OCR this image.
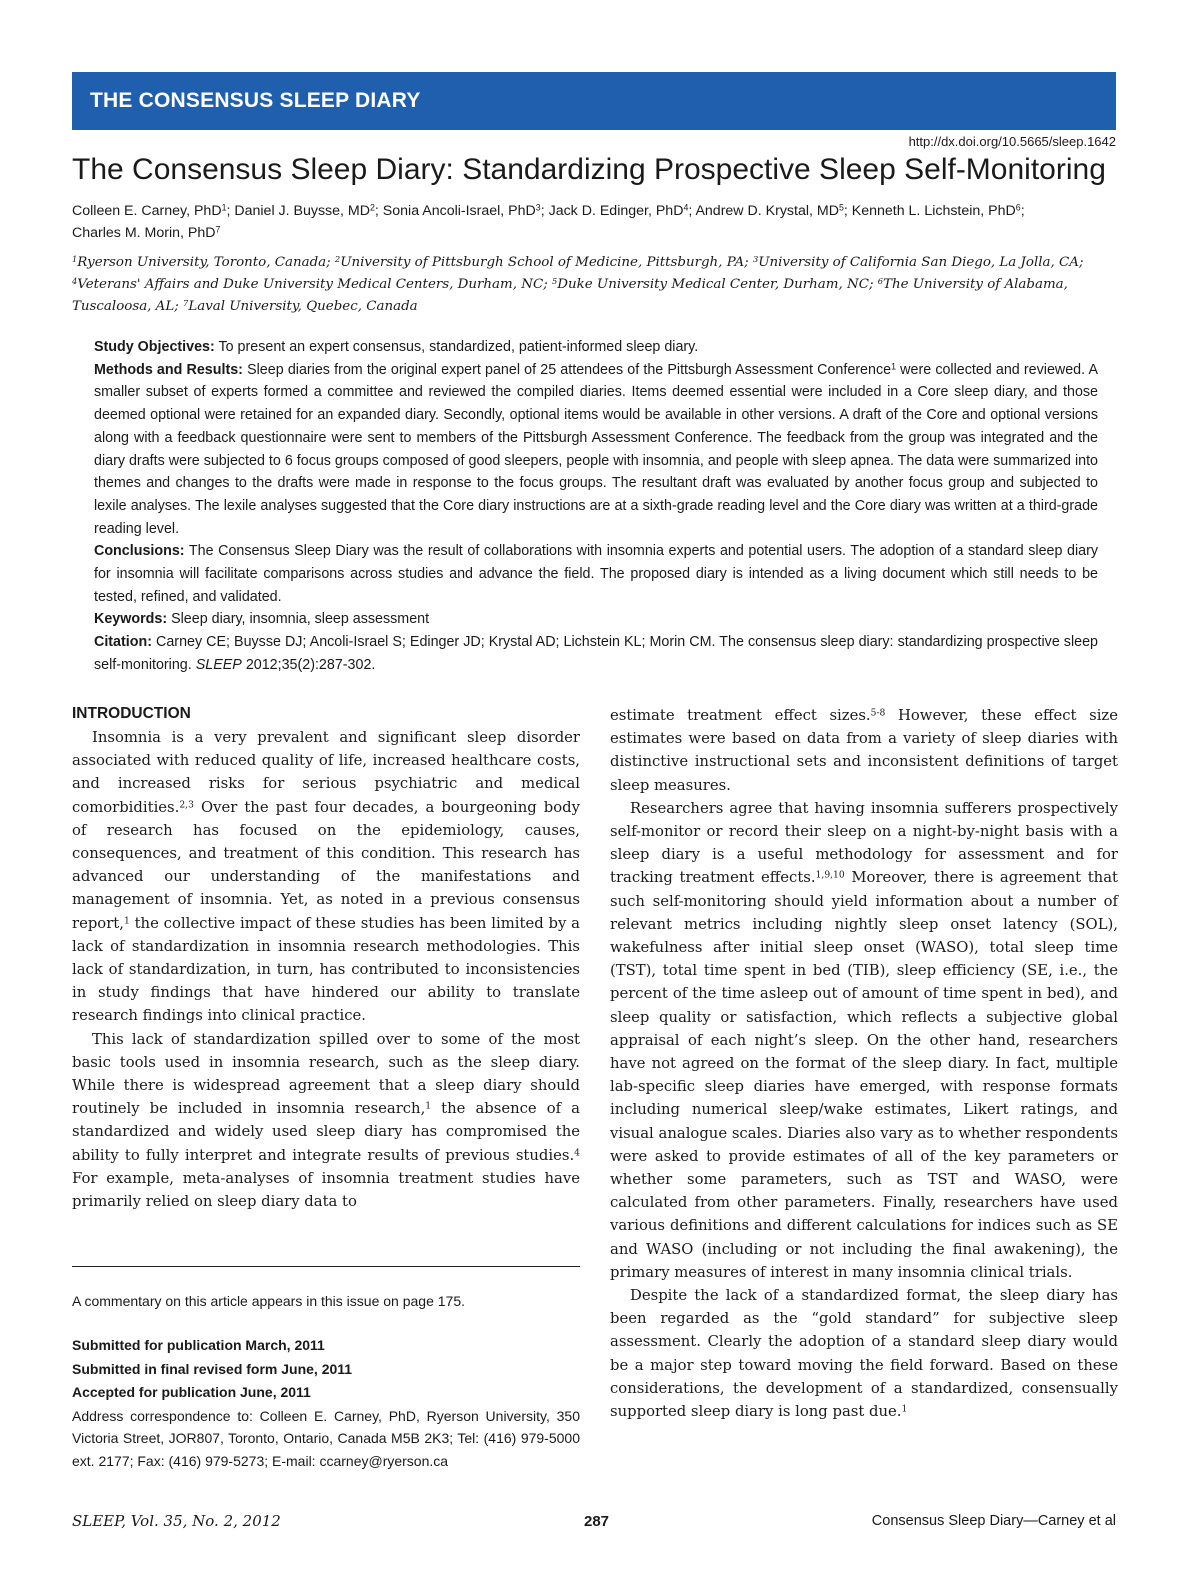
THE CONSENSUS SLEEP DIARY
http://dx.doi.org/10.5665/sleep.1642
The Consensus Sleep Diary: Standardizing Prospective Sleep Self-Monitoring
Colleen E. Carney, PhD$^1$; Daniel J. Buysse, $MD^2$; Sonia Ancoli-Israel, PhD$^3$; Jack D. Edinger, PhD$^4$; Andrew D. Krystal, $MD^5$; Kenneth L. Lichstein, PhD$^6$;
Charles M. Morin, PhD$^7$
$^1$Ryerson University, Toronto, Canada; $^2$University of Pittsburgh School of Medicine, Pittsburgh, PA; $^3$University of California San Diego, La Jolla, CA;
$^4$Veterans' Affairs and Duke University Medical Centers, Durham, NC; $^5$Duke University Medical Center, Durham, NC; $^6$The University of Alabama, Tuscaloosa, AL; $^7$Laval University, Quebec, Canada

Study Objectives: To present an expert consensus, standardized, patient-informed sleep diary.

Methods and Results: Sleep diaries from the original expert panel of 25 attendees of the Pittsburgh Assessment Conference$^1$ were collected and reviewed. A smaller subset of experts formed a committee and reviewed the compiled diaries. Items deemed essential were included in a Core sleep diary, and those deemed optional were retained for an expanded diary. Secondly, optional items would be available in other versions. A draft of the Core and optional versions along with a feedback questionnaire were sent to members of the Pittsburgh Assessment Conference. The feedback from the group was integrated and the diary drafts were subjected to 6 focus groups composed of good sleepers, people with insomnia, and people with sleep apnea. The data were summarized into themes and changes to the drafts were made in response to the focus groups. The resultant draft was evaluated by another focus group and subjected to lexile analyses. The lexile analyses suggested that the Core diary instructions are at a sixth-grade reading level and the Core diary was written at a third-grade reading level.

Conclusions: The Consensus Sleep Diary was the result of collaborations with insomnia experts and potential users. The adoption of a standard sleep diary for insomnia will facilitate comparisons across studies and advance the field. The proposed diary is intended as a living document which still needs to be tested, refined, and validated.

Keywords: Sleep diary, insomnia, sleep assessment

Citation: Carney CE; Buysse DJ; Ancoli-Israel S; Edinger JD; Krystal AD; Lichstein KL; Morin CM. The consensus sleep diary: standardizing prospective sleep self-monitoring. SLEEP 2012;35(2):287-302.

INTRODUCTION

Insomnia is a very prevalent and significant sleep disorder associated with reduced quality of life, increased healthcare costs, and increased risks for serious psychiatric and medical comorbidities.$^{2,3}$ Over the past four decades, a bourgeoning body of research has focused on the epidemiology, causes, consequences, and treatment of this condition. This research has advanced our understanding of the manifestations and management of insomnia. Yet, as noted in a previous consensus report,$^1$ the collective impact of these studies has been limited by a lack of standardization in insomnia research methodologies. This lack of standardization, in turn, has contributed to inconsistencies in study findings that have hindered our ability to translate research findings into clinical practice.

This lack of standardization spilled over to some of the most basic tools used in insomnia research, such as the sleep diary. While there is widespread agreement that a sleep diary should routinely be included in insomnia research,$^1$ the absence of a standardized and widely used sleep diary has compromised the ability to fully interpret and integrate results of previous studies.$^4$ For example, meta-analyses of insomnia treatment studies have primarily relied on sleep diary data to

A commentary on this article appears in this issue on page 175.
Submitted for publication March, 2011
Submitted in final revised form June, 2011
Accepted for publication June, 2011
Address correspondence to: Colleen E. Carney, PhD, Ryerson University, 350 Victoria Street, JOR807, Toronto, Ontario, Canada M5B 2K3; Tel: (416) 979-5000 ext. 2177; Fax: (416) 979-5273; E-mail: ccarney@ryerson.ca

estimate treatment effect sizes.$^{5-8}$ However, these effect size estimates were based on data from a variety of sleep diaries with distinctive instructional sets and inconsistent definitions of target sleep measures.

Researchers agree that having insomnia sufferers prospectively self-monitor or record their sleep on a night-by-night basis with a sleep diary is a useful methodology for assessment and for tracking treatment effects.$^{1,9,10}$ Moreover, there is agreement that such self-monitoring should yield information about a number of relevant metrics including nightly sleep onset latency (SOL), wakefulness after initial sleep onset (WASO), total sleep time (TST), total time spent in bed (TIB), sleep efficiency (SE, i.e., the percent of the time asleep out of amount of time spent in bed), and sleep quality or satisfaction, which reflects a subjective global appraisal of each night’s sleep. On the other hand, researchers have not agreed on the format of the sleep diary. In fact, multiple lab-specific sleep diaries have emerged, with response formats including numerical sleep/wake estimates, Likert ratings, and visual analogue scales. Diaries also vary as to whether respondents were asked to provide estimates of all of the key parameters or whether some parameters, such as TST and WASO, were calculated from other parameters. Finally, researchers have used various definitions and different calculations for indices such as SE and WASO (including or not including the final awakening), the primary measures of interest in many insomnia clinical trials.

Despite the lack of a standardized format, the sleep diary has been regarded as the “gold standard” for subjective sleep assessment. Clearly the adoption of a standard sleep diary would be a major step toward moving the field forward. Based on these considerations, the development of a standardized, consensually supported sleep diary is long past due.$^1$

SLEEP, Vol. 35, No. 2, 2012	287	Consensus Sleep Diary—Carney et al
